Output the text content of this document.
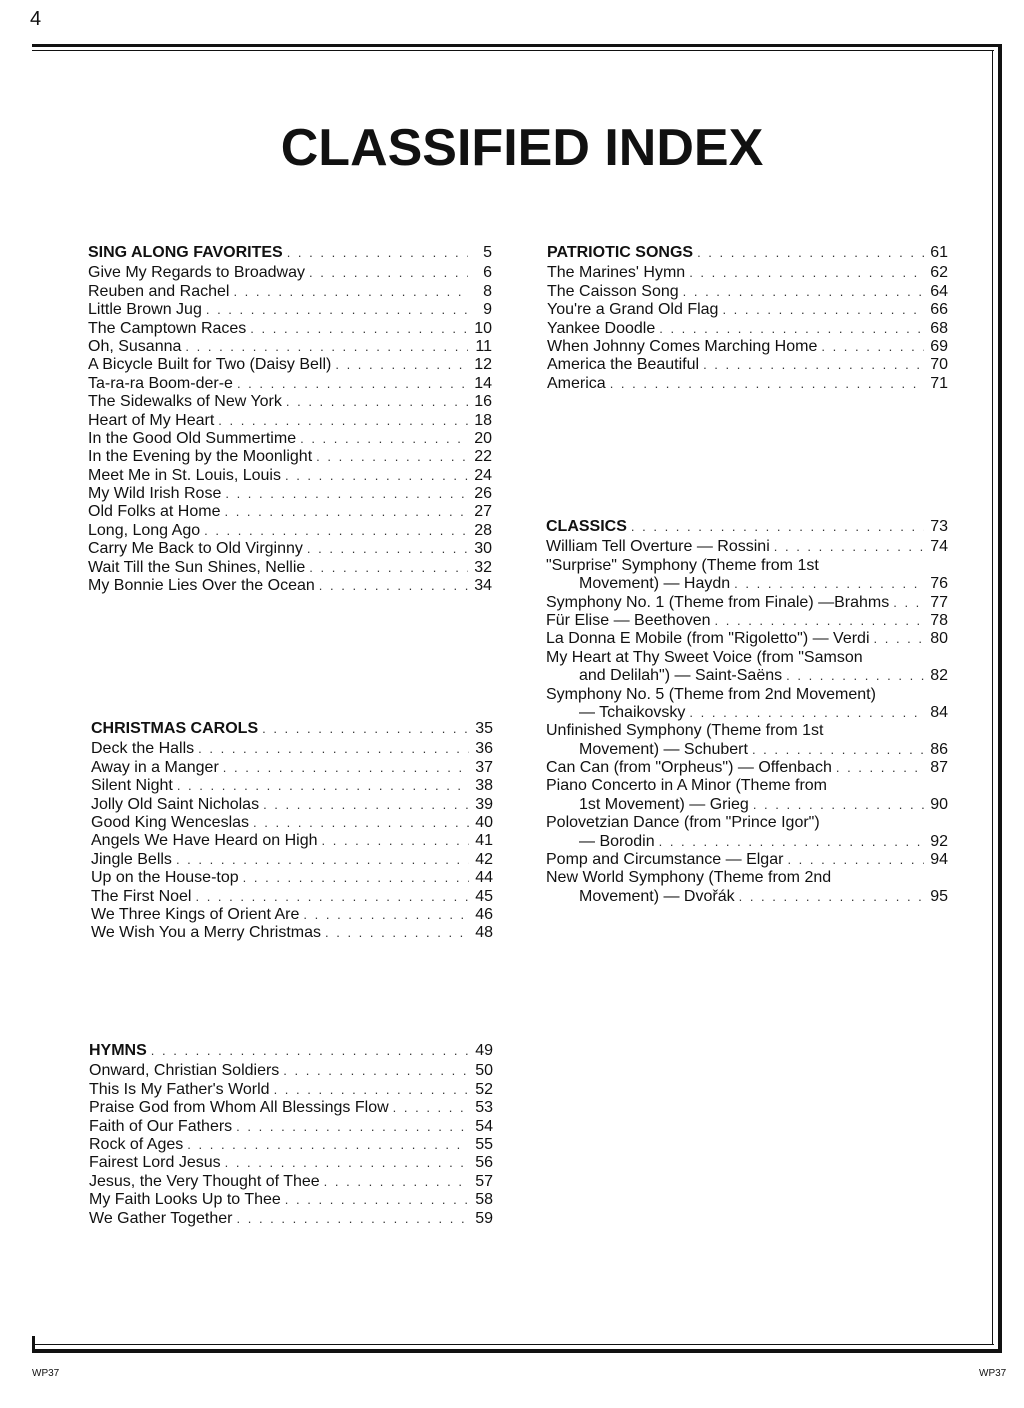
4
CLASSIFIED INDEX
SING ALONG FAVORITES . . .	5
Give My Regards to Broadway . . .	6
Reuben and Rachel . . .	8
Little Brown Jug . . .	9
The Camptown Races . . .	10
Oh, Susanna . . .	11
A Bicycle Built for Two (Daisy Bell) . . .	12
Ta-ra-ra Boom-der-e . . .	14
The Sidewalks of New York . . .	16
Heart of My Heart . . .	18
In the Good Old Summertime . . .	20
In the Evening by the Moonlight . . .	22
Meet Me in St. Louis, Louis . . .	24
My Wild Irish Rose . . .	26
Old Folks at Home . . .	27
Long, Long Ago . . .	28
Carry Me Back to Old Virginny . . .	30
Wait Till the Sun Shines, Nellie . . .	32
My Bonnie Lies Over the Ocean . . .	34
CHRISTMAS CAROLS . . .	35
Deck the Halls . . .	36
Away in a Manger . . .	37
Silent Night . . .	38
Jolly Old Saint Nicholas . . .	39
Good King Wenceslas . . .	40
Angels We Have Heard on High . . .	41
Jingle Bells . . .	42
Up on the House-top . . .	44
The First Noel . . .	45
We Three Kings of Orient Are . . .	46
We Wish You a Merry Christmas . . .	48
HYMNS . . .	49
Onward, Christian Soldiers . . .	50
This Is My Father's World . . .	52
Praise God from Whom All Blessings Flow . . .	53
Faith of Our Fathers . . .	54
Rock of Ages . . .	55
Fairest Lord Jesus . . .	56
Jesus, the Very Thought of Thee . . .	57
My Faith Looks Up to Thee . . .	58
We Gather Together . . .	59
PATRIOTIC SONGS . . .	61
The Marines' Hymn . . .	62
The Caisson Song . . .	64
You're a Grand Old Flag . . .	66
Yankee Doodle . . .	68
When Johnny Comes Marching Home . . .	69
America the Beautiful . . .	70
America . . .	71
CLASSICS . . .	73
William Tell Overture — Rossini . . .	74
"Surprise" Symphony (Theme from 1st
Movement) — Haydn . . .	76
Symphony No. 1 (Theme from Finale) —Brahms . . .	77
Für Elise — Beethoven . . .	78
La Donna E Mobile (from "Rigoletto") — Verdi . . .	80
My Heart at Thy Sweet Voice (from "Samson
and Delilah") — Saint-Saëns . . .	82
Symphony No. 5 (Theme from 2nd Movement)
— Tchaikovsky . . .	84
Unfinished Symphony (Theme from 1st
Movement) — Schubert . . .	86
Can Can (from "Orpheus") — Offenbach . . .	87
Piano Concerto in A Minor (Theme from
1st Movement) — Grieg . . .	90
Polovetzian Dance (from "Prince Igor")
— Borodin . . .	92
Pomp and Circumstance — Elgar . . .	94
New World Symphony (Theme from 2nd
Movement) — Dvořák . . .	95
WP37	WP37
